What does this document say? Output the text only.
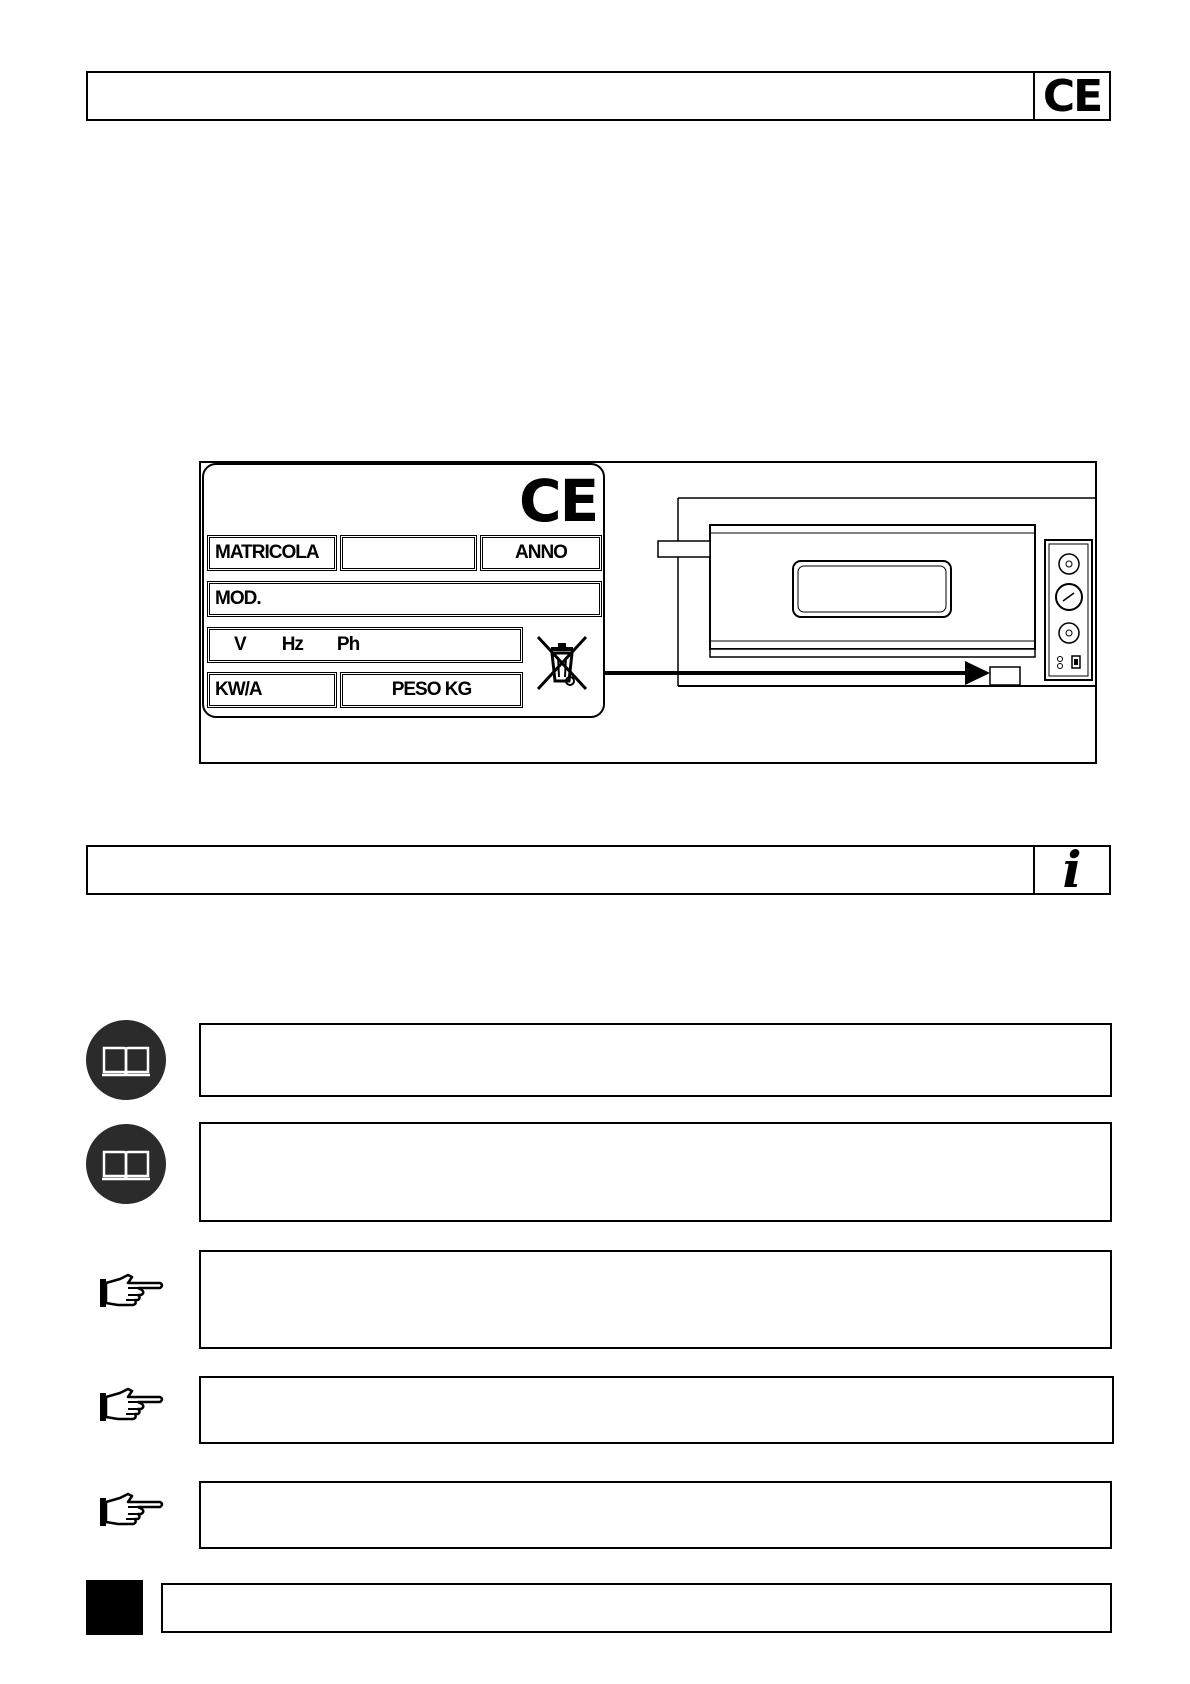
CE
CE
MATRICOLA	ANNO
MOD.
V Hz Ph
KW/A	PESO KG
i
